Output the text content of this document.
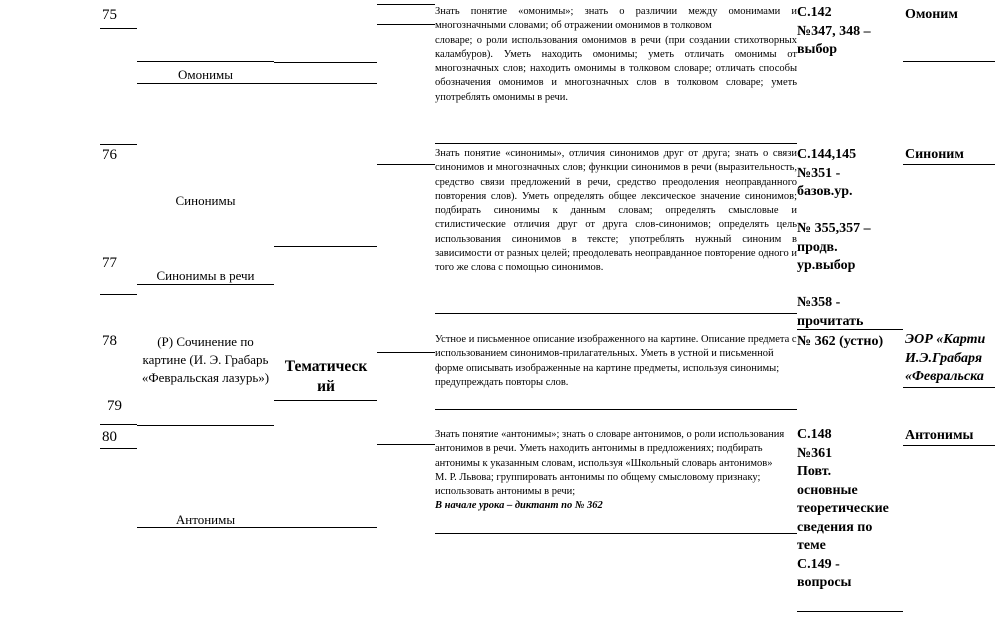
75
Омонимы

Знать понятие «омонимы»; знать о различии между омонимами и многозначными словами; об отражении омонимов в толковом

словаре; о роли использования омонимов в речи (при создании стихотворных каламбуров). Уметь находить омонимы; уметь отличать омонимы от многозначных слов; находить омонимы в толковом словаре; отличать способы обозначения омонимов и многозначных слов в толковом словаре; уметь употреблять омонимы в речи.

С.142

№347, 348 – выбор

Омоним
76
77
Синонимы
Синонимы в речи
Знать понятие «синонимы», отличия синонимов друг от друга; знать о связи синонимов и многозначных слов; функции синонимов в речи (выразительность, средство связи предложений в речи, средство преодоления неоправданного повторения слов). Уметь определять общее лексическое значение синонимов; подбирать синонимы к данным словам; определять смысловые и стилистические отличия друг от друга слов-синонимов; определять цель использования синонимов в тексте; употреблять нужный синоним в зависимости от разных целей; преодолевать неоправданное повторение одного и того же слова с помощью синонимов.

С.144,145

№351 -

базов.ур.

№ 355,357 –

продв.

ур.выбор

№358 -

прочитать

Синоним
78
79
(Р) Сочинение по картине (И. Э. Грабарь «Февральская лазурь»)
Тематическ ий
Устное и письменное описание изображенного на картине. Описание предмета с использованием синонимов-прилагательных. Уметь в устной и письменной форме описывать изображенные на картине предметы, используя синонимы; предупреждать повторы слов.

№ 362 (устно)	ЭОР «Карти
И.Э.Грабаря
«Февральска
80
Антонимы

Знать понятие «антонимы»; знать о словаре антонимов, о роли использования антонимов в речи. Уметь находить антонимы в предложениях; подбирать антонимы к указанным словам, используя «Школьный словарь антонимов»

М. Р. Львова; группировать антонимы по общему смысловому признаку; использовать антонимы в речи;

В начале урока – диктант по № 362

С.148

№361

Повт.

основные

теоретические

сведения по

теме

С.149 -

вопросы

Антонимы
